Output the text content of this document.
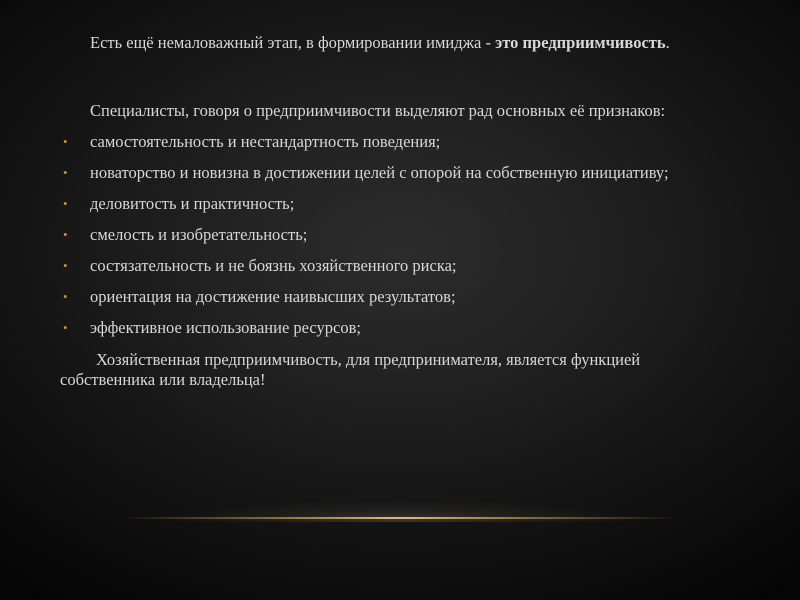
Есть ещё немаловажный этап, в формировании имиджа - это предприимчивость.

Специалисты, говоря о предприимчивости выделяют рад основных её признаков:

• самостоятельность и нестандартность поведения;
• новаторство и новизна в достижении целей с опорой на собственную инициативу;
• деловитость и практичность;
• смелость и изобретательность;
• состязательность и не боязнь хозяйственного риска;
• ориентация на достижение наивысших результатов;
• эффективное использование ресурсов;

Хозяйственная предприимчивость, для предпринимателя, является функцией собственника или владельца!
